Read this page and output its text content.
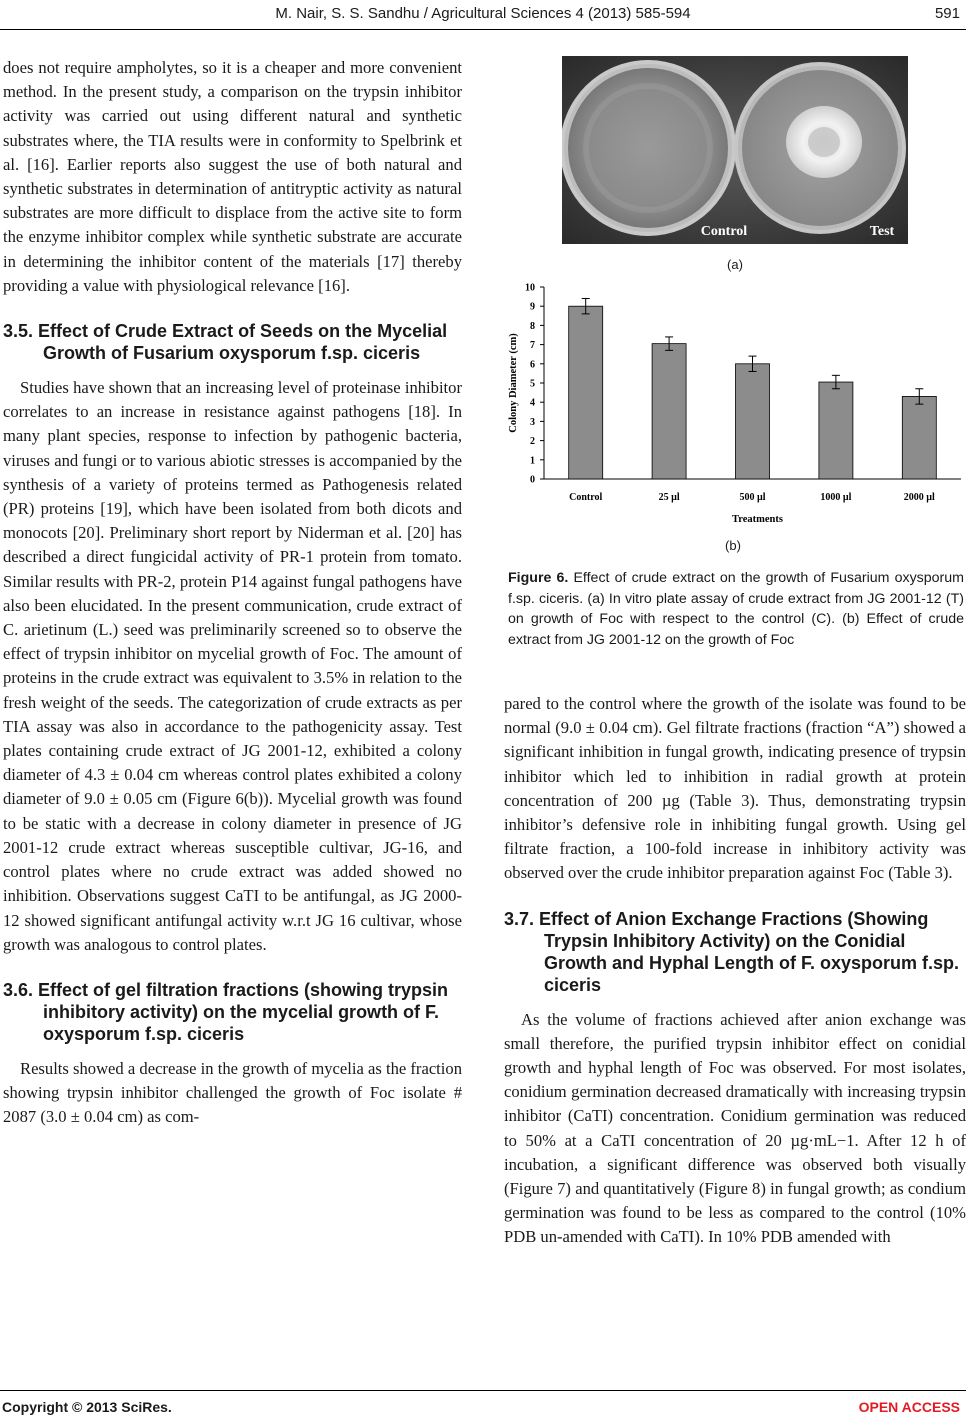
M. Nair, S. S. Sandhu / Agricultural Sciences 4 (2013) 585-594	591

does not require ampholytes, so it is a cheaper and more convenient method. In the present study, a comparison on the trypsin inhibitor activity was carried out using different natural and synthetic substrates where, the TIA results were in conformity to Spelbrink et al. [16]. Earlier reports also suggest the use of both natural and synthetic substrates in determination of antitryptic activity as natural substrates are more difficult to displace from the active site to form the enzyme inhibitor complex while synthetic substrate are accurate in determining the inhibitor content of the materials [17] thereby providing a value with physiological relevance [16].

3.5. Effect of Crude Extract of Seeds on the Mycelial Growth of Fusarium oxysporum f.sp. ciceris

Studies have shown that an increasing level of proteinase inhibitor correlates to an increase in resistance against pathogens [18]. In many plant species, response to infection by pathogenic bacteria, viruses and fungi or to various abiotic stresses is accompanied by the synthesis of a variety of proteins termed as Pathogenesis related (PR) proteins [19], which have been isolated from both dicots and monocots [20]. Preliminary short report by Niderman et al. [20] has described a direct fungicidal activity of PR-1 protein from tomato. Similar results with PR-2, protein P14 against fungal pathogens have also been elucidated. In the present communication, crude extract of C. arietinum (L.) seed was preliminarily screened so to observe the effect of trypsin inhibitor on mycelial growth of Foc. The amount of proteins in the crude extract was equivalent to 3.5% in relation to the fresh weight of the seeds. The categorization of crude extracts as per TIA assay was also in accordance to the pathogenicity assay. Test plates containing crude extract of JG 2001-12, exhibited a colony diameter of 4.3 ± 0.04 cm whereas control plates exhibited a colony diameter of 9.0 ± 0.05 cm (Figure 6(b)). Mycelial growth was found to be static with a decrease in colony diameter in presence of JG 2001-12 crude extract whereas susceptible cultivar, JG-16, and control plates where no crude extract was added showed no inhibition. Observations suggest CaTI to be antifungal, as JG 2000-12 showed significant antifungal activity w.r.t JG 16 cultivar, whose growth was analogous to control plates.

3.6. Effect of gel filtration fractions (showing trypsin inhibitory activity) on the mycelial growth of F. oxysporum f.sp. ciceris

Results showed a decrease in the growth of mycelia as the fraction showing trypsin inhibitor challenged the growth of Foc isolate # 2087 (3.0 ± 0.04 cm) as com-

Control	Test
(a)
0
1
2
3
4
5
6
7
8
9
10
Colony Diameter (cm)
Treatments
Control	25 µl	500 µl	1000 µl	2000 µl
(b)
Figure 6. Effect of crude extract on the growth of Fusarium oxysporum f.sp. ciceris. (a) In vitro plate assay of crude extract from JG 2001-12 (T) on growth of Foc with respect to the control (C). (b) Effect of crude extract from JG 2001-12 on the growth of Foc

pared to the control where the growth of the isolate was found to be normal (9.0 ± 0.04 cm). Gel filtrate fractions (fraction “A”) showed a significant inhibition in fungal growth, indicating presence of trypsin inhibitor which led to inhibition in radial growth at protein concentration of 200 µg (Table 3). Thus, demonstrating trypsin inhibitor’s defensive role in inhibiting fungal growth. Using gel filtrate fraction, a 100-fold increase in inhibitory activity was observed over the crude inhibitor preparation against Foc (Table 3).

3.7. Effect of Anion Exchange Fractions (Showing Trypsin Inhibitory Activity) on the Conidial Growth and Hyphal Length of F. oxysporum f.sp. ciceris

As the volume of fractions achieved after anion exchange was small therefore, the purified trypsin inhibitor effect on conidial growth and hyphal length of Foc was observed. For most isolates, conidium germination decreased dramatically with increasing trypsin inhibitor (CaTI) concentration. Conidium germination was reduced to 50% at a CaTI concentration of 20 µg·mL−1. After 12 h of incubation, a significant difference was observed both visually (Figure 7) and quantitatively (Figure 8) in fungal growth; as condium germination was found to be less as compared to the control (10% PDB un-amended with CaTI). In 10% PDB amended with

Copyright © 2013 SciRes.	OPEN ACCESS
